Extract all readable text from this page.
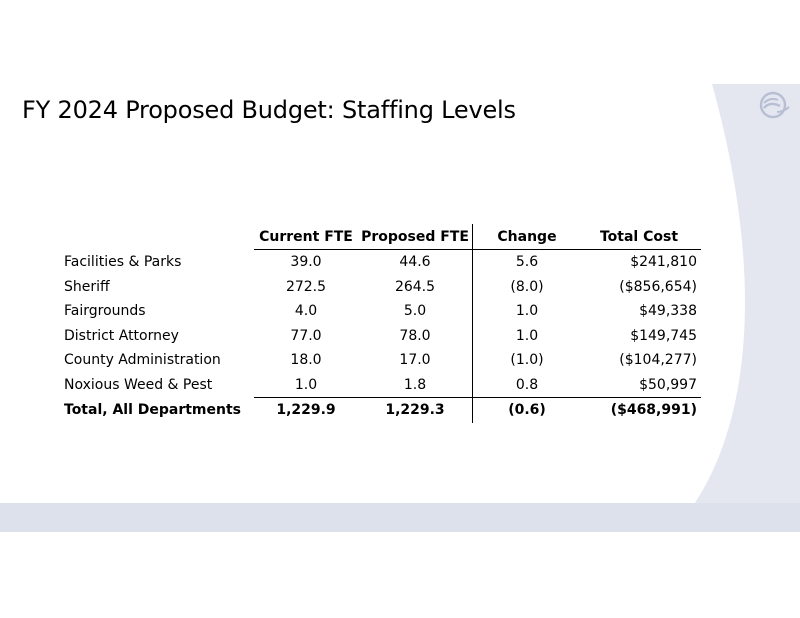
FY 2024 Proposed Budget: Staffing Levels
	Current FTE	Proposed FTE	Change	Total Cost
Facilities & Parks	39.0	44.6	5.6	$241,810
Sheriff	272.5	264.5	(8.0)	($856,654)
Fairgrounds	4.0	5.0	1.0	$49,338
District Attorney	77.0	78.0	1.0	$149,745
County Administration	18.0	17.0	(1.0)	($104,277)
Noxious Weed & Pest	1.0	1.8	0.8	$50,997
Total, All Departments	1,229.9	1,229.3	(0.6)	($468,991)
